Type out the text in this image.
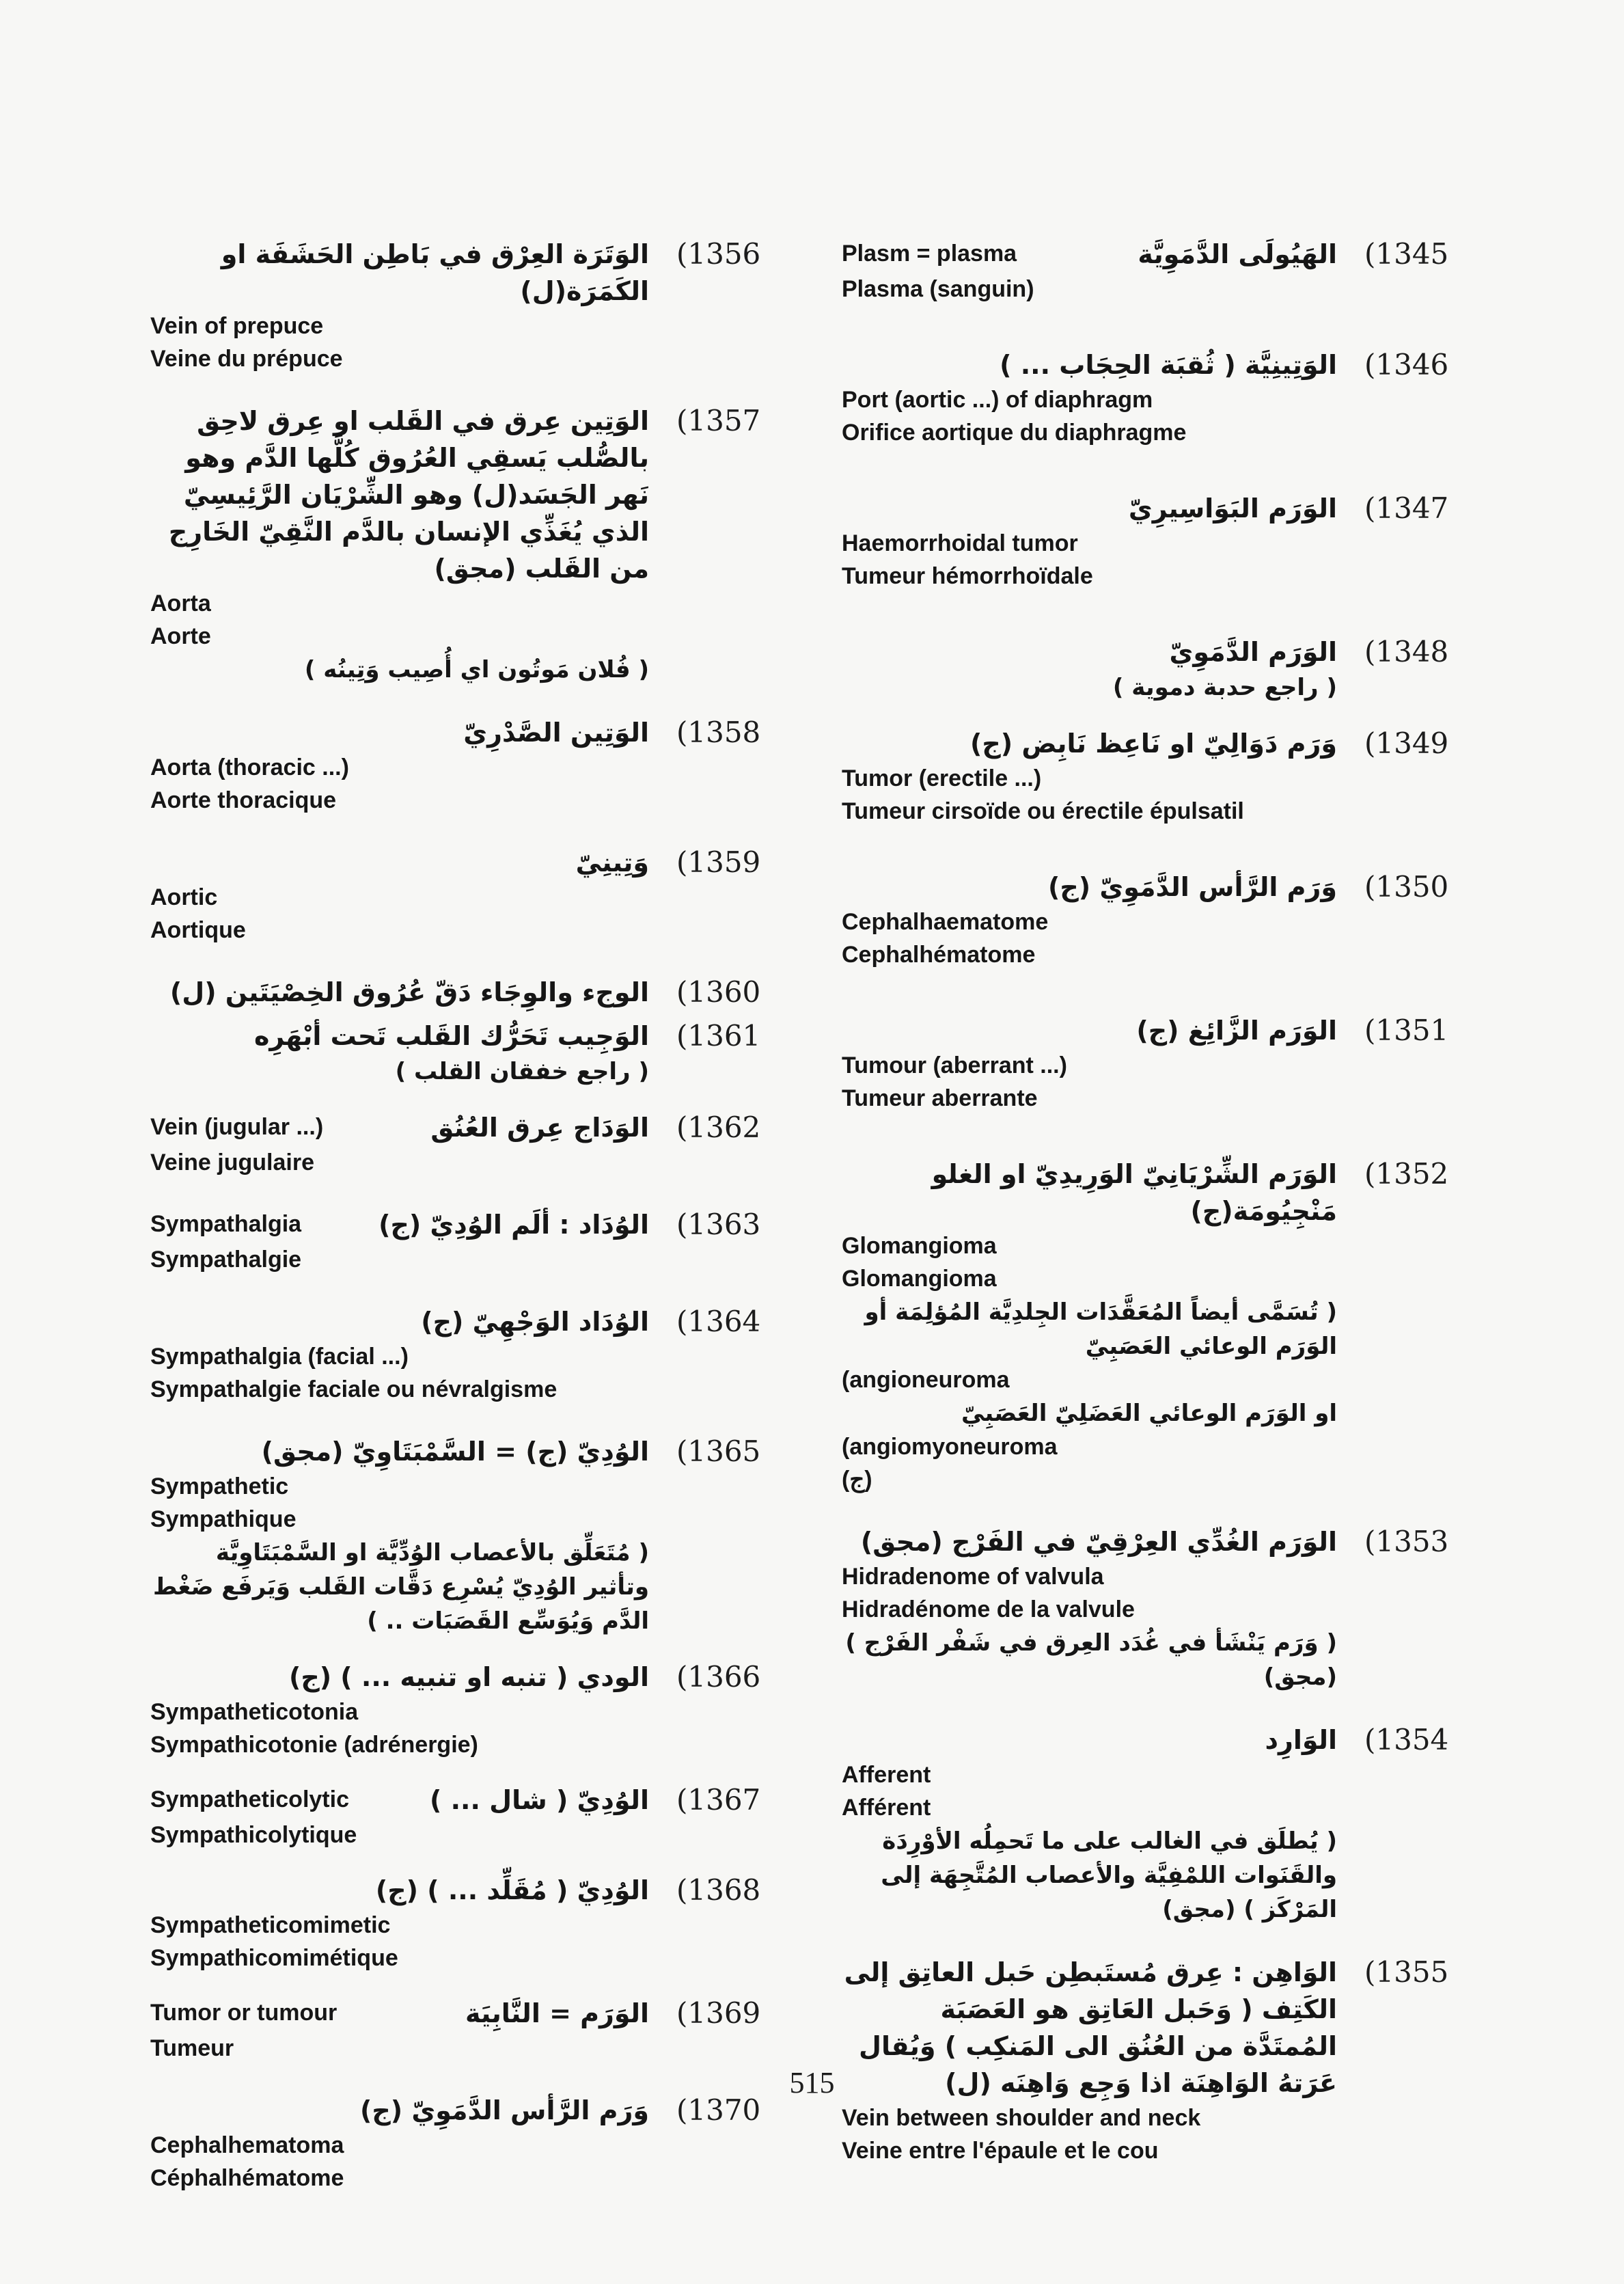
(1356
الوَتَرَة العِرْق في بَاطِن الحَشَفَة او الكَمَرَة(ل)
Vein of prepuce
Veine du prépuce
(1357
الوَتِين عِرق في القَلب او عِرق لاحِق بالصُّلب يَسقِي العُرُوق كُلَّها الدَّم وهو نَهر الجَسَد(ل) وهو الشِّرْيَان الرَّئِيسِيّ الذي يُغَذِّي الإنسان بالدَّم النَّقِيّ الخَارِج من القَلب (مجق)
Aorta
Aorte
( فُلان مَوتُون اي أُصِيب وَتِينُه )
(1358
الوَتِين الصَّدْرِيّ
Aorta (thoracic ...)
Aorte thoracique
(1359
وَتِينِيّ
Aortic
Aortique
(1360
الوجء والوِجَاء دَقّ عُرُوق الخِصْيَتَين (ل)
(1361
الوَجِيب تَحَرُّك القَلب تَحت أبْهَرِه
( راجع خفقان القلب )
(1362
الوَدَاج عِرق العُنُق
Vein (jugular ...)
Veine jugulaire
(1363
الوُدَاد : ألَم الوُدِيّ (ج)
Sympathalgia
Sympathalgie
(1364
الوُدَاد الوَجْهِيّ (ج)
Sympathalgia (facial ...)
Sympathalgie faciale ou névralgisme
(1365
الوُدِيّ (ج) = السَّمْبَتَاوِيّ (مجق)
Sympathetic
Sympathique
( مُتَعَلِّق بالأعصاب الوُدِّيَّة او السَّمْبَتَاوِيَّة وتأثير الوُدِيّ يُسْرِع دَقَّات القَلب وَيَرفَع ضَغْط الدَّم وَيُوَسِّع القَصَبَات .. )
(1366
الودي ( تنبه او تنبيه ... ) (ج)
Sympatheticotonia
Sympathicotonie (adrénergie)
(1367
الوُدِيّ ( شال ... )
Sympatheticolytic
Sympathicolytique
(1368
الوُدِيّ ( مُقَلِّد ... ) (ج)
Sympatheticomimetic
Sympathicomimétique
(1369
الوَرَم = النَّابِيَة
Tumor or tumour
Tumeur
(1370
وَرَم الرَّأس الدَّمَوِيّ (ج)
Cephalhematoma
Céphalhématome
(1345
الهَيُولَى الدَّمَوِيَّة
Plasm = plasma
Plasma (sanguin)
(1346
الوَتِينِيَّة ( ثُقبَة الحِجَاب ... )
Port (aortic ...) of diaphragm
Orifice aortique du diaphragme
(1347
الوَرَم البَوَاسِيرِيّ
Haemorrhoidal tumor
Tumeur hémorrhoïdale
(1348
الوَرَم الدَّمَوِيّ
( راجع حدبة دموية )
(1349
وَرَم دَوَالِيّ او نَاعِظ نَابِض (ج)
Tumor (erectile ...)
Tumeur cirsoïde ou érectile épulsatil
(1350
وَرَم الرَّأس الدَّمَوِيّ (ج)
Cephalhaematome
Cephalhématome
(1351
الوَرَم الزَّائِغ (ج)
Tumour (aberrant ...)
Tumeur aberrante
(1352
الوَرَم الشِّرْيَانِيّ الوَرِيدِيّ او الغلو مَنْجِيُومَة(ج)
Glomangioma
Glomangioma
( تُسَمَّى أيضاً المُعَقَّدَات الجِلدِيَّة المُؤلِمَة أو الوَرَم الوعائي العَصَبِيّ
(angioneuroma
او الوَرَم الوعائي العَضَلِيّ العَصَبِيّ
(angiomyoneuroma
(ج)
(1353
الوَرَم الغُدِّي العِرْقِيّ في الفَرْج (مجق)
Hidradenome of valvula
Hidradénome de la valvule
( وَرَم يَنْشَأ في غُدَد العِرق في شَفْر الفَرْج ) (مجق)
(1354
الوَارِد
Afferent
Afférent
( يُطلَق في الغالب على ما تَحمِلُه الأوْرِدَة والقَنَوات اللمْفِيَّة والأعصاب المُتَّجِهَة إلى المَرْكَز ) (مجق)
(1355
الوَاهِن : عِرق مُستَبطِن حَبل العاتِق إلى الكَتِف ( وَحَبل العَاتِق هو العَصَبَة المُمتَدَّة من العُنُق الى المَنكِب ) وَيُقال عَرَتهُ الوَاهِنَة اذا وَجِع وَاهِنَه (ل)
Vein between shoulder and neck
Veine entre l'épaule et le cou
515
